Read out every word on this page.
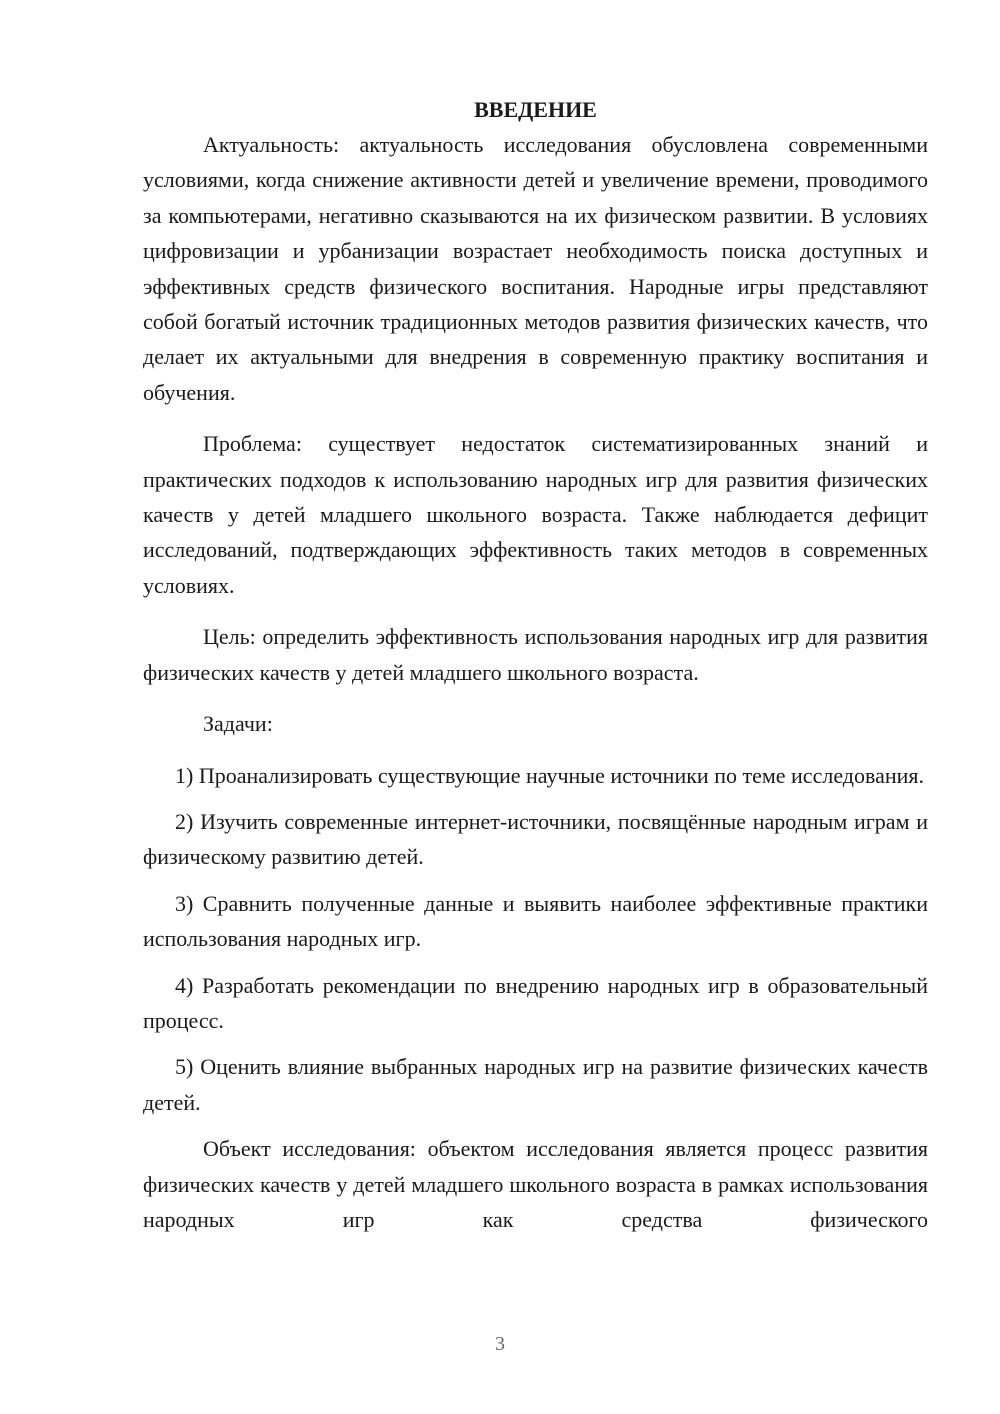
ВВЕДЕНИЕ

Актуальность: актуальность исследования обусловлена современными условиями, когда снижение активности детей и увеличение времени, проводимого за компьютерами, негативно сказываются на их физическом развитии. В условиях цифровизации и урбанизации возрастает необходимость поиска доступных и эффективных средств физического воспитания. Народные игры представляют собой богатый источник традиционных методов развития физических качеств, что делает их актуальными для внедрения в современную практику воспитания и обучения.

Проблема: существует недостаток систематизированных знаний и практических подходов к использованию народных игр для развития физических качеств у детей младшего школьного возраста. Также наблюдается дефицит исследований, подтверждающих эффективность таких методов в современных условиях.

Цель: определить эффективность использования народных игр для развития физических качеств у детей младшего школьного возраста.

Задачи:

1) Проанализировать существующие научные источники по теме исследования.

2) Изучить современные интернет-источники, посвящённые народным играм и физическому развитию детей.

3) Сравнить полученные данные и выявить наиболее эффективные практики использования народных игр.

4) Разработать рекомендации по внедрению народных игр в образовательный процесс.

5) Оценить влияние выбранных народных игр на развитие физических качеств детей.

Объект исследования: объектом исследования является процесс развития физических качеств у детей младшего школьного возраста в рамках использования народных игр как средства физического

3
